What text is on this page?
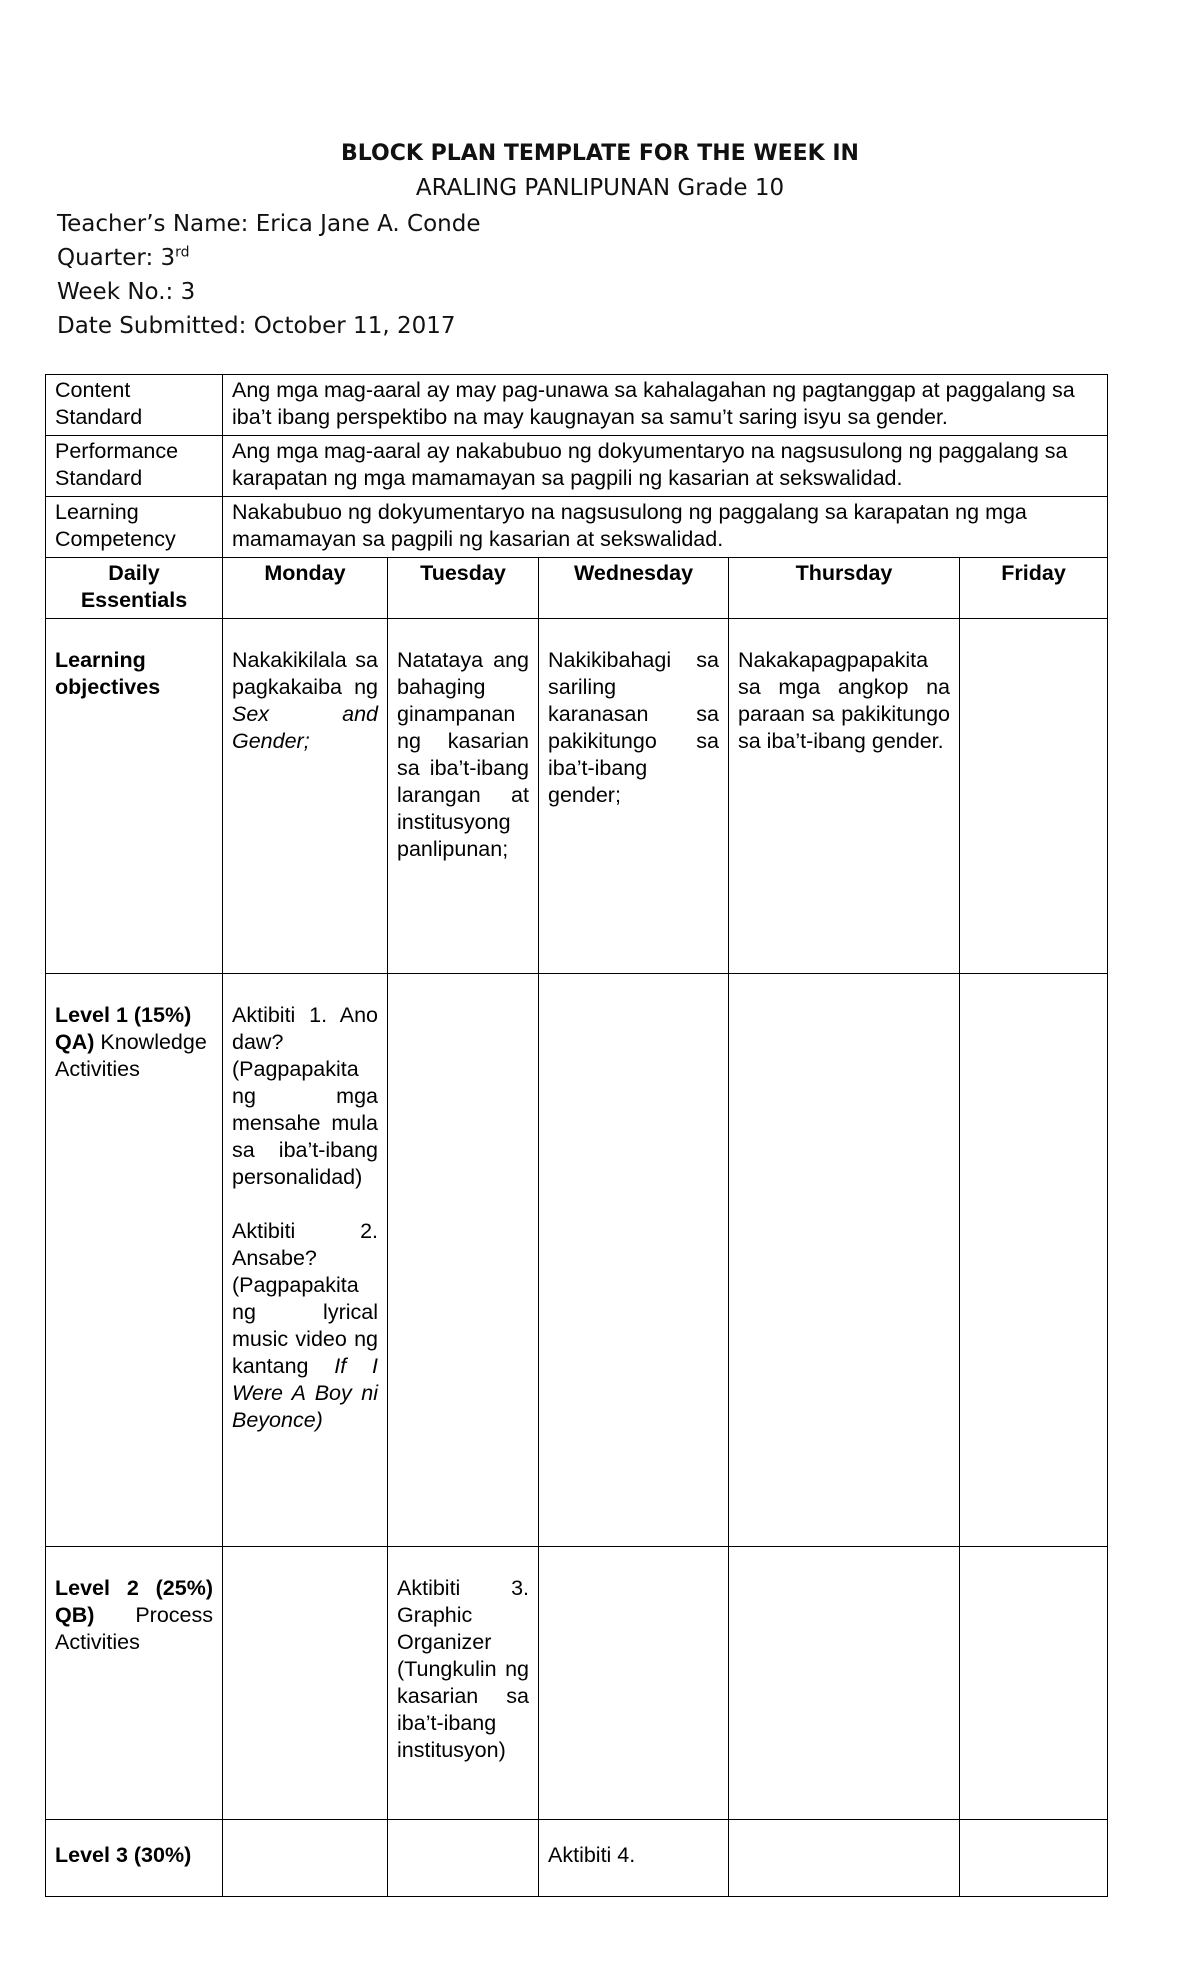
BLOCK PLAN TEMPLATE FOR THE WEEK IN
ARALING PANLIPUNAN Grade 10
Teacher’s Name: Erica Jane A. Conde
Quarter: 3rd
Week No.: 3
Date Submitted: October 11, 2017
Content Standard	Ang mga mag-aaral ay may pag-unawa sa kahalagahan ng pagtanggap at paggalang sa iba’t ibang perspektibo na may kaugnayan sa samu’t saring isyu sa gender.				
Performance Standard	Ang mga mag-aaral ay nakabubuo ng dokyumentaryo na nagsusulong ng paggalang sa karapatan ng mga mamamayan sa pagpili ng kasarian at sekswalidad.				
Learning Competency	Nakabubuo ng dokyumentaryo na nagsusulong ng paggalang sa karapatan ng mga mamamayan sa pagpili ng kasarian at sekswalidad.				
Daily Essentials	Monday	Tuesday	Wednesday	Thursday	Friday
Learning objectives	Nakakikilala sa pagkakaiba ng Sex and Gender;	Natataya ang bahaging ginampanan ng kasarian sa iba’t-ibang larangan at institusyong panlipunan;	Nakikibahagi sa sariling karanasan sa pakikitungo sa iba’t-ibang gender;	Nakakapagpapakita sa mga angkop na paraan sa pakikitungo sa iba’t-ibang gender.	
Level 1 (15%) QA) Knowledge Activities	Aktibiti 1. Ano daw? (Pagpapakita ng mga mensahe mula sa iba’t-ibang personalidad)
Aktibiti 2. Ansabe? (Pagpapakita ng lyrical music video ng kantang If I Were A Boy ni Beyonce)				
Level 2 (25%) QB) Process Activities		Aktibiti 3. Graphic Organizer (Tungkulin ng kasarian sa iba’t-ibang institusyon)			
Level 3 (30%)			Aktibiti 4.		
